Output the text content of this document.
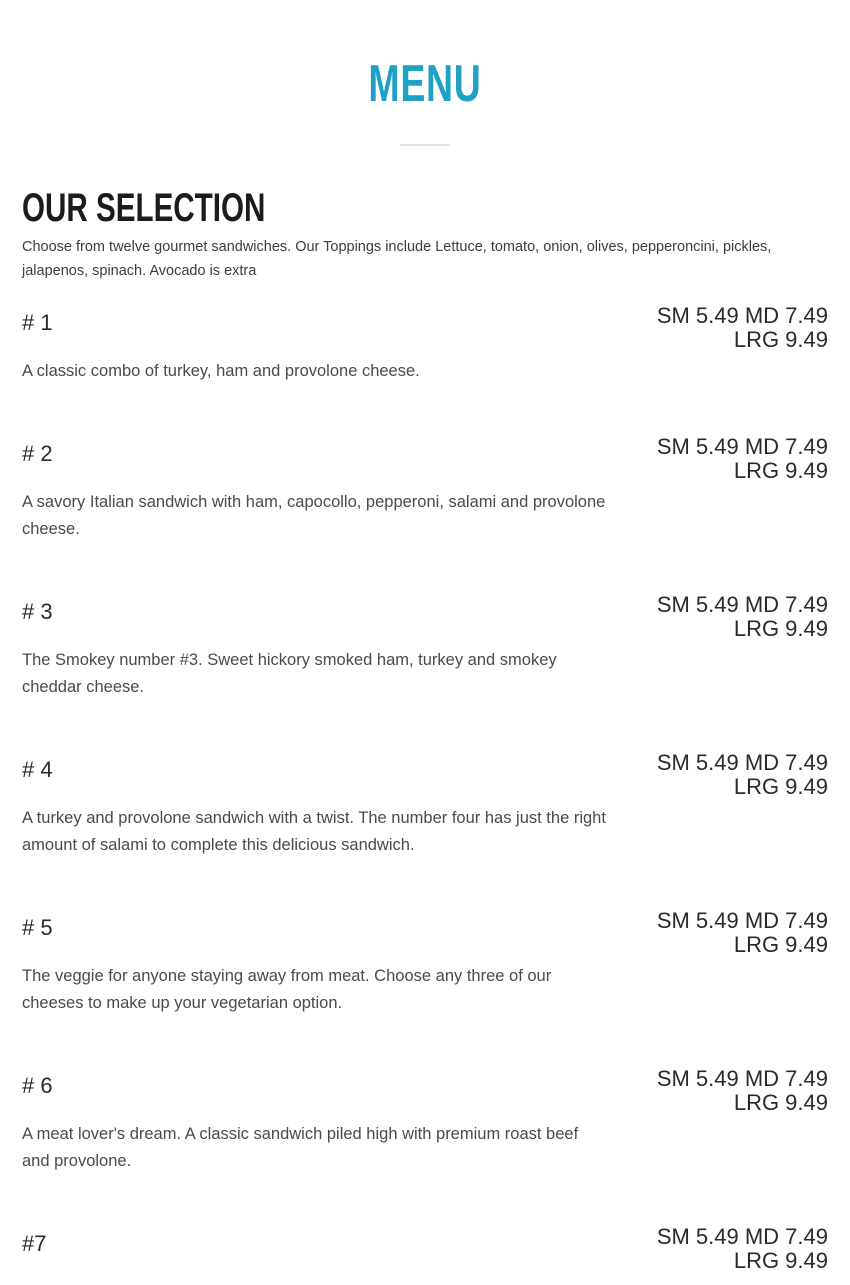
MENU
OUR SELECTION
Choose from twelve gourmet sandwiches. Our Toppings include Lettuce, tomato, onion, olives, pepperoncini, pickles, jalapenos, spinach. Avocado is extra
# 1	SM 5.49 MD 7.49 LRG 9.49
A classic combo of turkey, ham and provolone cheese.
# 2	SM 5.49 MD 7.49 LRG 9.49
A savory Italian sandwich with ham, capocollo, pepperoni, salami and provolone cheese.
# 3	SM 5.49 MD 7.49 LRG 9.49
The Smokey number #3. Sweet hickory smoked ham, turkey and smokey cheddar cheese.
# 4	SM 5.49 MD 7.49 LRG 9.49
A turkey and provolone sandwich with a twist. The number four has just the right amount of salami to complete this delicious sandwich.
# 5	SM 5.49 MD 7.49 LRG 9.49
The veggie for anyone staying away from meat. Choose any three of our cheeses to make up your vegetarian option.
# 6	SM 5.49 MD 7.49 LRG 9.49
A meat lover's dream. A classic sandwich piled high with premium roast beef and provolone.
#7	SM 5.49 MD 7.49 LRG 9.49
